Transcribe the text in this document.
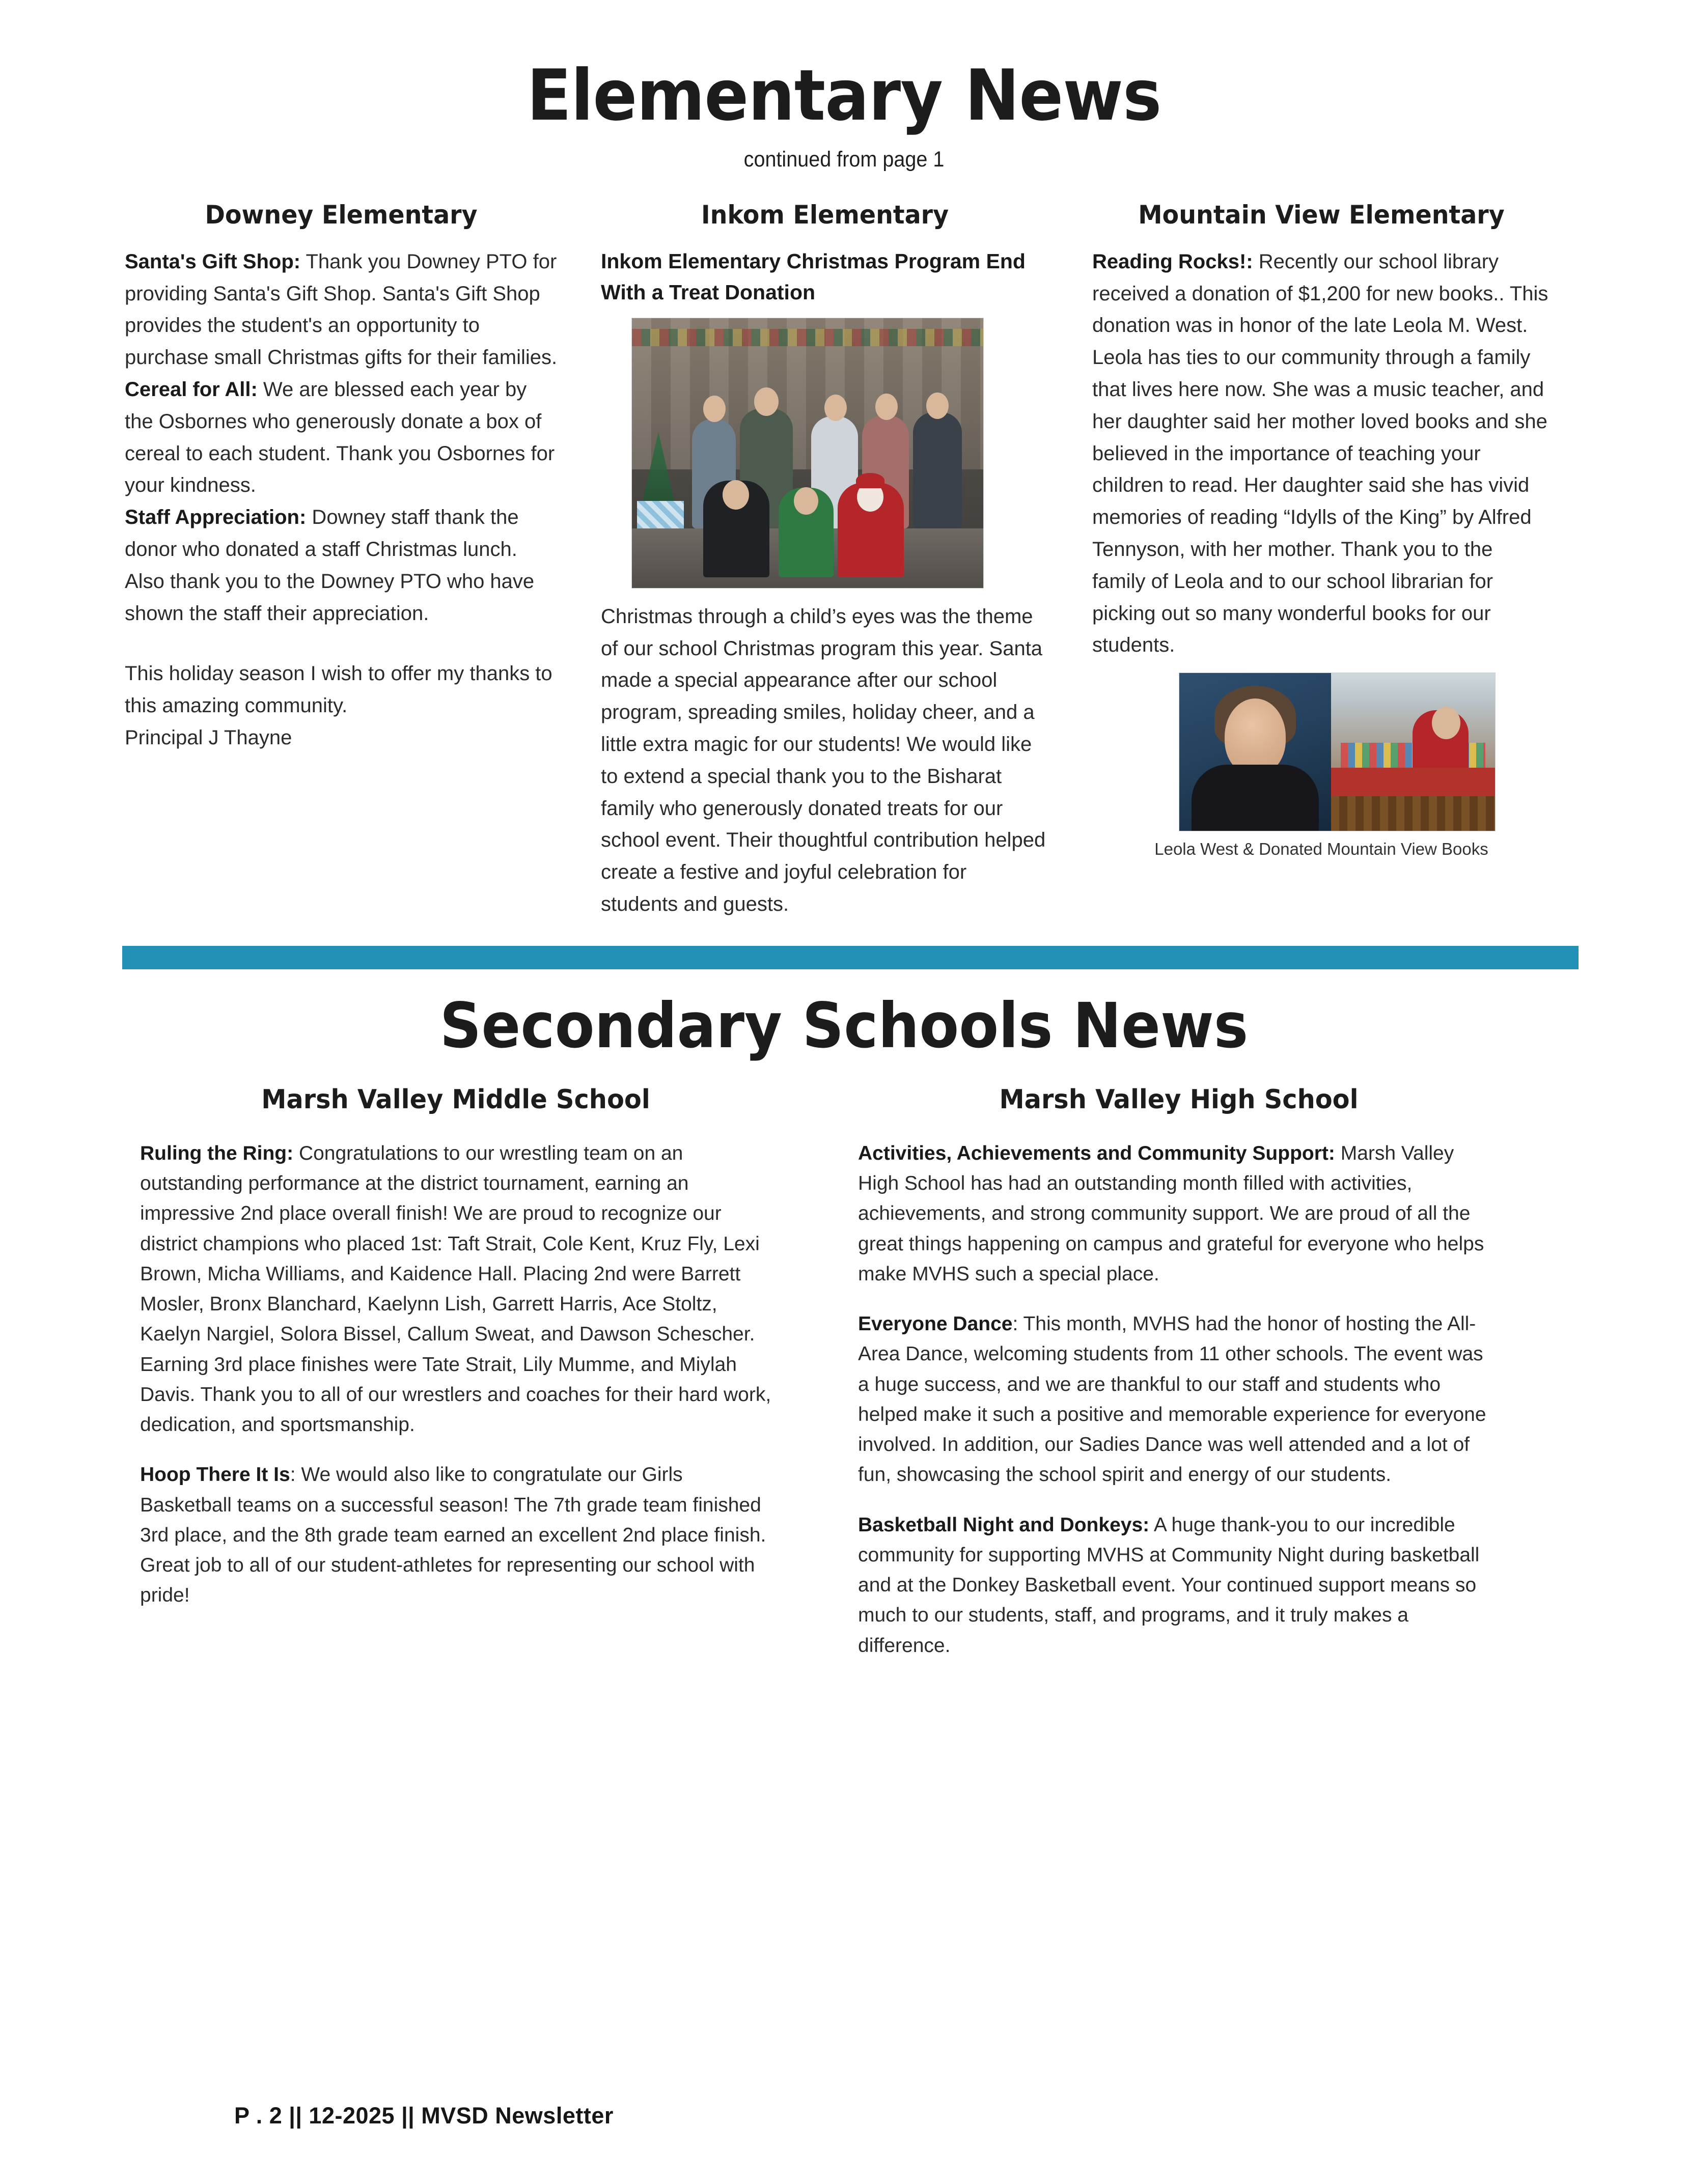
Elementary News
continued from page 1
Downey Elementary

Santa's Gift Shop: Thank you Downey PTO for providing Santa's Gift Shop. Santa's Gift Shop provides the student's an opportunity to purchase small Christmas gifts for their families.

Cereal for All: We are blessed each year by the Osbornes who generously donate a box of cereal to each student. Thank you Osbornes for your kindness.

Staff Appreciation: Downey staff thank the donor who donated a staff Christmas lunch. Also thank you to the Downey PTO who have shown the staff their appreciation.

This holiday season I wish to offer my thanks to this amazing community.

Principal J Thayne

Inkom Elementary
Inkom Elementary Christmas Program End With a Treat Donation

Christmas through a child’s eyes was the theme of our school Christmas program this year. Santa made a special appearance after our school program, spreading smiles, holiday cheer, and a little extra magic for our students! We would like to extend a special thank you to the Bisharat family who generously donated treats for our school event. Their thoughtful contribution helped create a festive and joyful celebration for students and guests.

Mountain View Elementary

Reading Rocks!: Recently our school library received a donation of $1,200 for new books.. This donation was in honor of the late Leola M. West. Leola has ties to our community through a family that lives here now. She was a music teacher, and her daughter said her mother loved books and she believed in the importance of teaching your children to read. Her daughter said she has vivid memories of reading “Idylls of the King” by Alfred Tennyson, with her mother. Thank you to the family of Leola and to our school librarian for picking out so many wonderful books for our students.

Leola West & Donated Mountain View Books
Secondary Schools News
Marsh Valley Middle School

Ruling the Ring: Congratulations to our wrestling team on an outstanding performance at the district tournament, earning an impressive 2nd place overall finish! We are proud to recognize our district champions who placed 1st: Taft Strait, Cole Kent, Kruz Fly, Lexi Brown, Micha Williams, and Kaidence Hall. Placing 2nd were Barrett Mosler, Bronx Blanchard, Kaelynn Lish, Garrett Harris, Ace Stoltz, Kaelyn Nargiel, Solora Bissel, Callum Sweat, and Dawson Schescher. Earning 3rd place finishes were Tate Strait, Lily Mumme, and Miylah Davis. Thank you to all of our wrestlers and coaches for their hard work, dedication, and sportsmanship.

Hoop There It Is: We would also like to congratulate our Girls Basketball teams on a successful season! The 7th grade team finished 3rd place, and the 8th grade team earned an excellent 2nd place finish. Great job to all of our student-athletes for representing our school with pride!

Marsh Valley High School

Activities, Achievements and Community Support: Marsh Valley High School has had an outstanding month filled with activities, achievements, and strong community support. We are proud of all the great things happening on campus and grateful for everyone who helps make MVHS such a special place.

Everyone Dance: This month, MVHS had the honor of hosting the All-Area Dance, welcoming students from 11 other schools. The event was a huge success, and we are thankful to our staff and students who helped make it such a positive and memorable experience for everyone involved. In addition, our Sadies Dance was well attended and a lot of fun, showcasing the school spirit and energy of our students.

Basketball Night and Donkeys: A huge thank-you to our incredible community for supporting MVHS at Community Night during basketball and at the Donkey Basketball event. Your continued support means so much to our students, staff, and programs, and it truly makes a difference.

P . 2 || 12-2025 || MVSD Newsletter
